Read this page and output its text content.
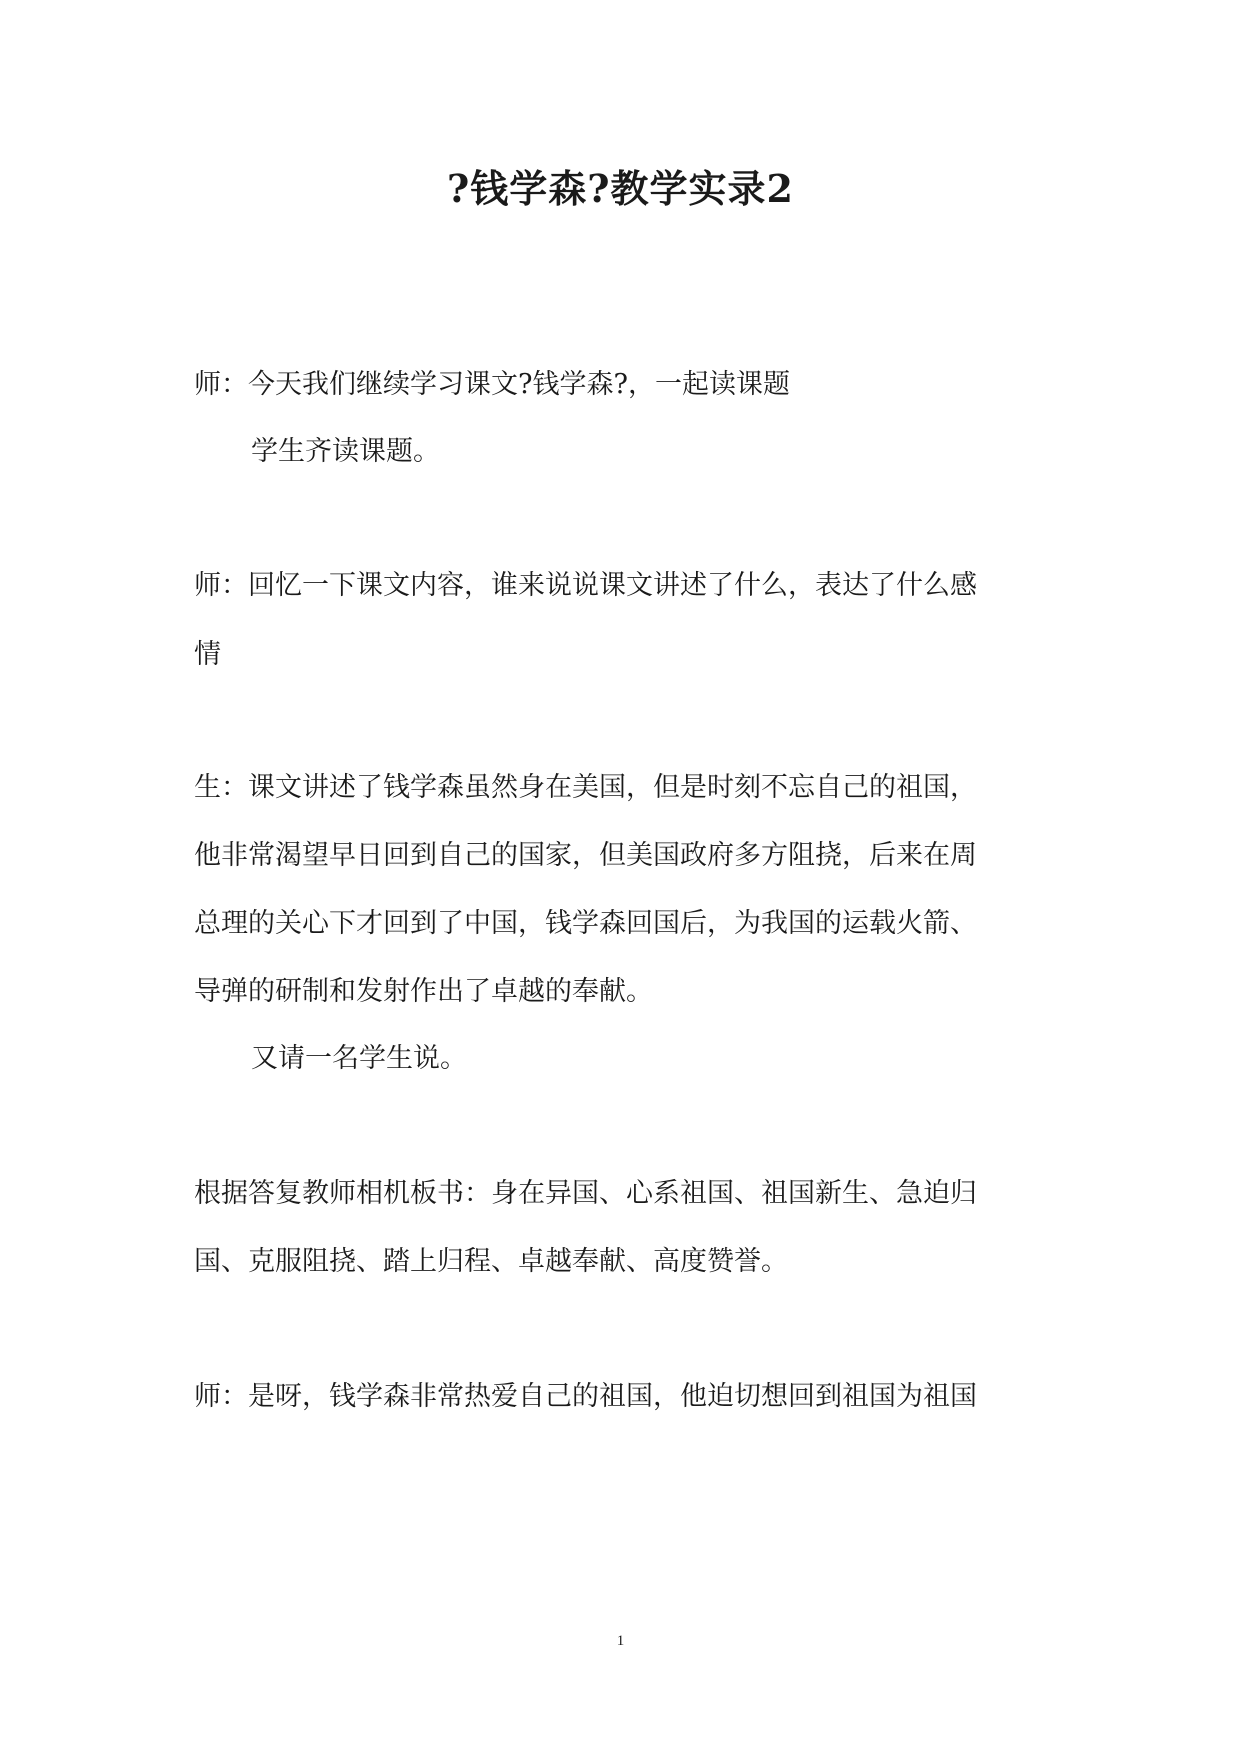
?钱学森?教学实录2

师：今天我们继续学习课文?钱学森?，一起读课题

学生齐读课题。

师：回忆一下课文内容，谁来说说课文讲述了什么，表达了什么感

情

生：课文讲述了钱学森虽然身在美国，但是时刻不忘自己的祖国，

他非常渴望早日回到自己的国家，但美国政府多方阻挠，后来在周

总理的关心下才回到了中国，钱学森回国后，为我国的运载火箭、

导弹的研制和发射作出了卓越的奉献。

又请一名学生说。

根据答复教师相机板书：身在异国、心系祖国、祖国新生、急迫归

国、克服阻挠、踏上归程、卓越奉献、高度赞誉。

师：是呀，钱学森非常热爱自己的祖国，他迫切想回到祖国为祖国

1
